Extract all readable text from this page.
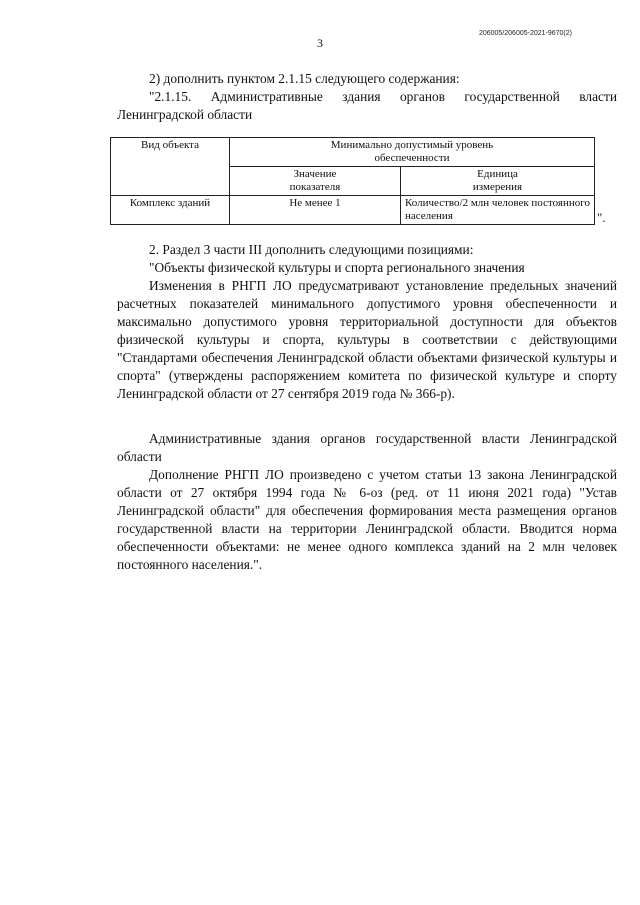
206005/206005-2021-9670(2)
3

2) дополнить пунктом 2.1.15 следующего содержания:

"2.1.15. Административные здания органов государственной власти Ленинградской области

Вид объекта	Минимально допустимый уровень обеспеченности	
	Значение показателя	Единица измерения
Комплекс зданий	Не менее 1	Количество/2 млн человек постоянного населения	".

2. Раздел 3 части III дополнить следующими позициями:

"Объекты физической культуры и спорта регионального значения

Изменения в РНГП ЛО предусматривают установление предельных значений расчетных показателей минимального допустимого уровня обеспеченности и максимально допустимого уровня территориальной доступности для объектов физической культуры и спорта, культуры в соответствии с действующими "Стандартами обеспечения Ленинградской области объектами физической культуры и спорта" (утверждены распоряжением комитета по физической культуре и спорту Ленинградской области от 27 сентября 2019 года № 366-р).

Административные здания органов государственной власти Ленинградской области

Дополнение РНГП ЛО произведено с учетом статьи 13 закона Ленинградской области от 27 октября 1994 года № 6-оз (ред. от 11 июня 2021 года) "Устав Ленинградской области" для обеспечения формирования места размещения органов государственной власти на территории Ленинградской области. Вводится норма обеспеченности объектами: не менее одного комплекса зданий на 2 млн человек постоянного населения.".
